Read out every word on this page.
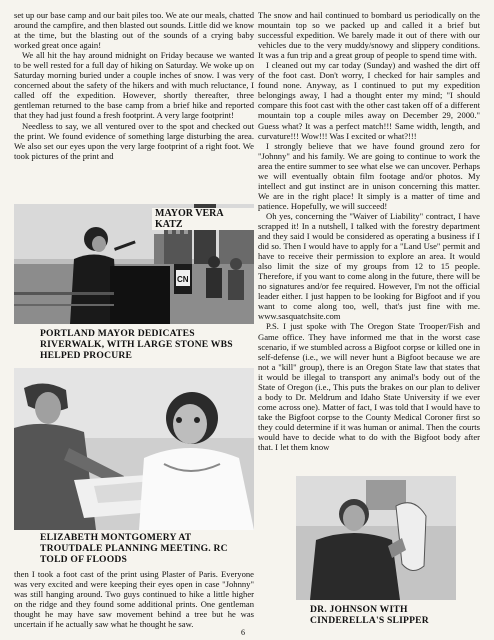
set up our base camp and our bait piles too. We ate our meals, chatted around the campfire, and then blasted out sounds. Little did we know at the time, but the blasting out of the sounds of a crying baby worked great once again!

We all hit the hay around midnight on Friday because we wanted to be well rested for a full day of hiking on Saturday. We woke up on Saturday morning buried under a couple inches of snow. I was very concerned about the safety of the hikers and with much reluctance, I called off the expedition. However, shortly thereafter, three gentleman returned to the base camp from a brief hike and reported that they had just found a fresh footprint. A very large footprint!

Needless to say, we all ventured over to the spot and checked out the print. We found evidence of something large disturbing the area. We also set our eyes upon the very large footprint of a right foot. We took pictures of the print and

CN
MAYOR VERA KATZ
PORTLAND MAYOR DEDICATES RIVERWALK, WITH LARGE STONE WBS HELPED PROCURE
ELIZABETH MONTGOMERY AT TROUTDALE PLANNING MEETING. RC TOLD OF FLOODS

then I took a foot cast of the print using Plaster of Paris. Everyone was very excited and were keeping their eyes open in case "Johnny" was still hanging around. Two guys continued to hike a little higher on the ridge and they found some additional prints. One gentleman thought he may have saw movement behind a tree but he was uncertain if he actually saw what he thought he saw.

The snow and hail continued to bombard us periodically on the mountain top so we packed up and called it a brief but successful expedition. We barely made it out of there with our vehicles due to the very muddy/snowy and slippery conditions. It was a fun trip and a great group of people to spend time with.

I cleaned out my car today (Sunday) and washed the dirt off of the foot cast. Don't worry, I checked for hair samples and found none. Anyway, as I continued to put my expedition belongings away, I had a thought enter my mind; "I should compare this foot cast with the other cast taken off of a different mountain top a couple miles away on December 29, 2000." Guess what? It was a perfect match!!! Same width, length, and curvature!!! Wow!!! Was I excited or what?!!!

I strongly believe that we have found ground zero for "Johnny" and his family. We are going to continue to work the area the entire summer to see what else we can uncover. Perhaps we will eventually obtain film footage and/or photos. My intellect and gut instinct are in unison concerning this matter. We are in the right place! It simply is a matter of time and patience. Hopefully, we will succeed!

Oh yes, concerning the "Waiver of Liability" contract, I have scrapped it! In a nutshell, I talked with the forestry department and they said I would be considered as operating a business if I did so. Then I would have to apply for a "Land Use" permit and have to receive their permission to explore an area. It would also limit the size of my groups from 12 to 15 people. Therefore, if you want to come along in the future, there will be no signatures and/or fee required. However, I'm not the official leader either. I just happen to be looking for Bigfoot and if you want to come along too, well, that's just fine with me. www.sasquatchsite.com

P.S. I just spoke with The Oregon State Trooper/Fish and Game office. They have informed me that in the worst case scenario, if we stumbled across a Bigfoot corpse or killed one in self-defense (i.e., we will never hunt a Bigfoot because we are not a "kill" group), there is an Oregon State law that states that it would be illegal to transport any animal's body out of the State of Oregon (i.e., This puts the brakes on our plan to deliver a body to Dr. Meldrum and Idaho State University if we ever come across one). Matter of fact, I was told that I would have to take the Bigfoot corpse to the County Medical Coroner first so they could determine if it was human or animal. Then the courts would have to decide what to do with the Bigfoot body after that. I let them know

DR. JOHNSON WITH CINDERELLA'S SLIPPER
6
